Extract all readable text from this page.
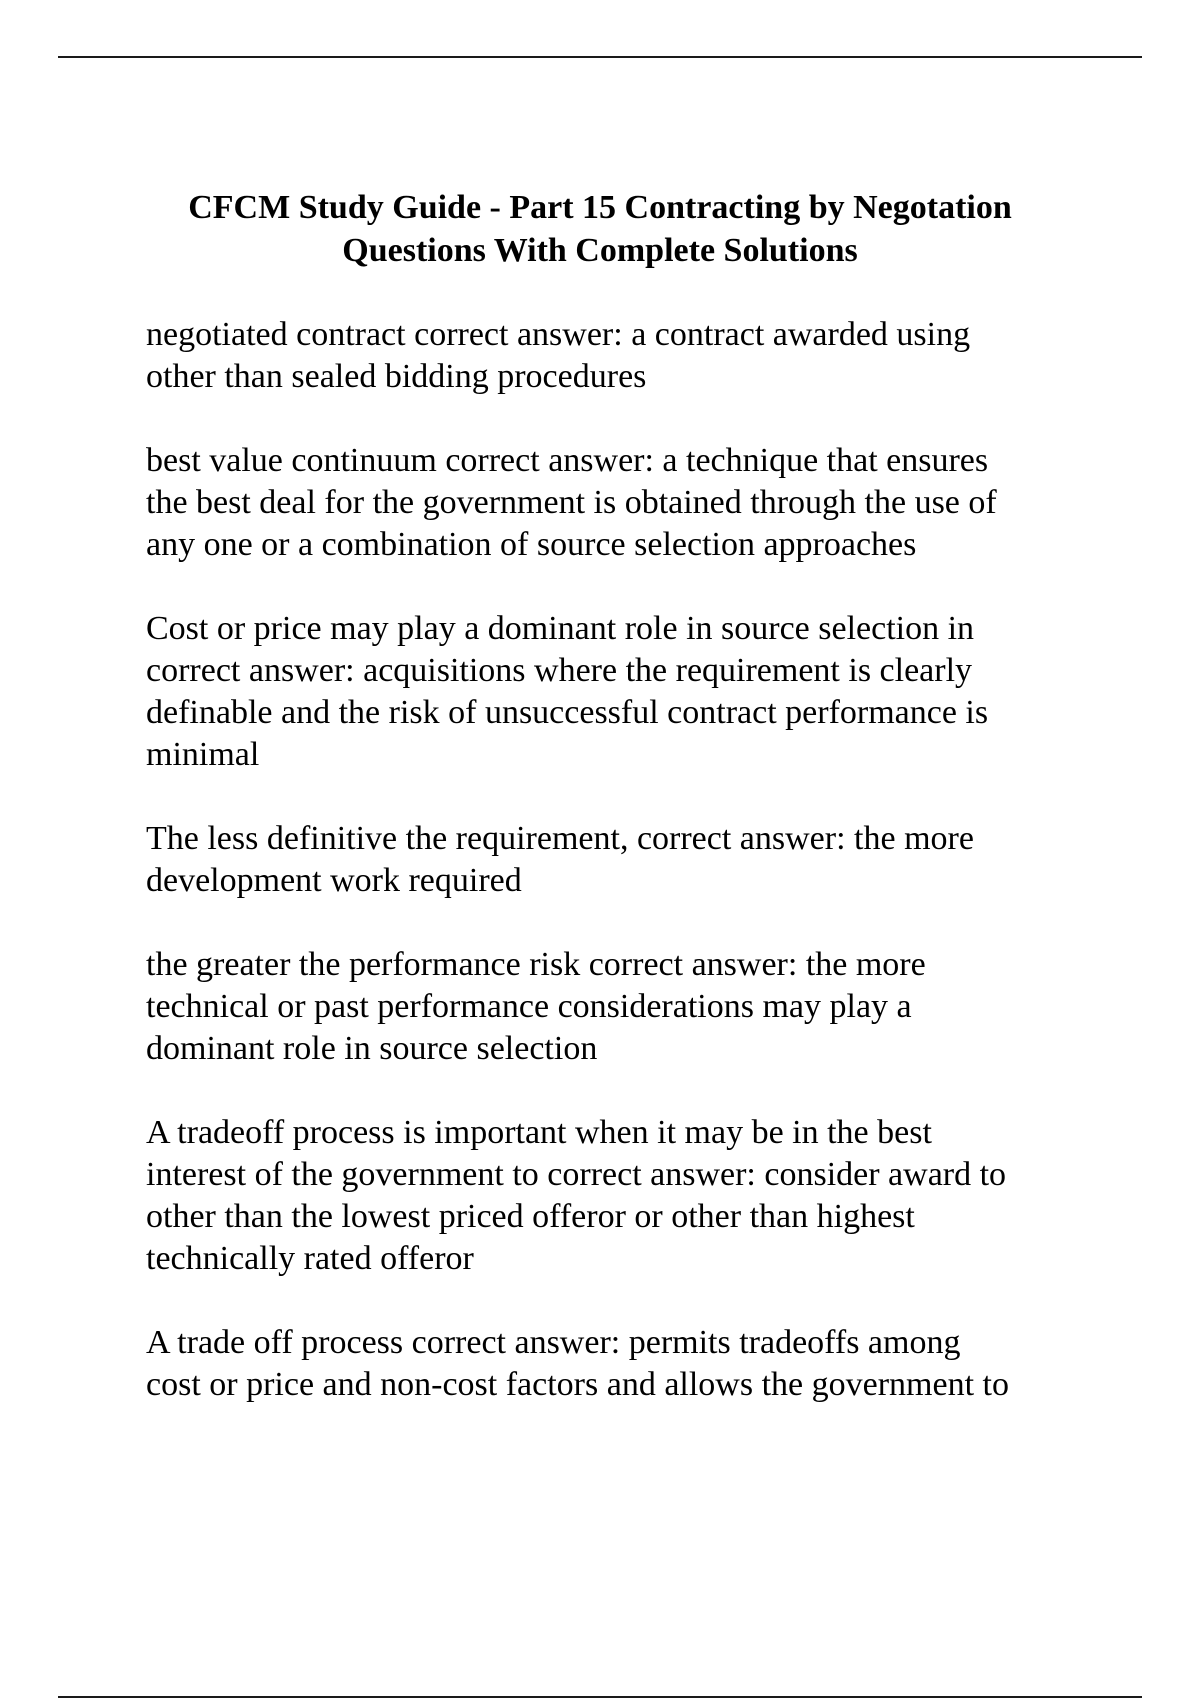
CFCM Study Guide - Part 15 Contracting by Negotation
Questions With Complete Solutions

negotiated contract correct answer: a contract awarded using
other than sealed bidding procedures

best value continuum correct answer: a technique that ensures
the best deal for the government is obtained through the use of
any one or a combination of source selection approaches

Cost or price may play a dominant role in source selection in
correct answer: acquisitions where the requirement is clearly
definable and the risk of unsuccessful contract performance is
minimal

The less definitive the requirement, correct answer: the more
development work required

the greater the performance risk correct answer: the more
technical or past performance considerations may play a
dominant role in source selection

A tradeoff process is important when it may be in the best
interest of the government to correct answer: consider award to
other than the lowest priced offeror or other than highest
technically rated offeror

A trade off process correct answer: permits tradeoffs among
cost or price and non-cost factors and allows the government to
